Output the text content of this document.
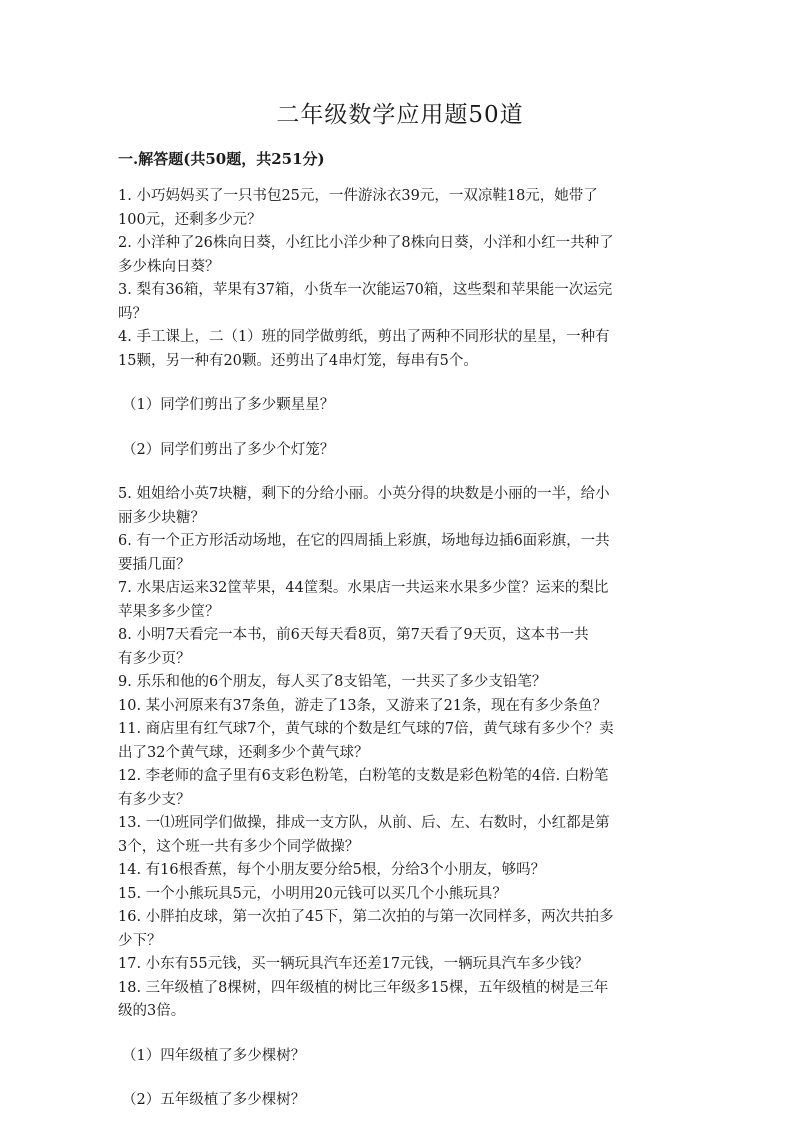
二年级数学应用题50道
一.解答题(共50题，共251分)
1. 小巧妈妈买了一只书包25元，一件游泳衣39元，一双凉鞋18元，她带了
100元，还剩多少元？
2. 小洋种了26株向日葵，小红比小洋少种了8株向日葵，小洋和小红一共种了
多少株向日葵？
3. 梨有36箱，苹果有37箱，小货车一次能运70箱，这些梨和苹果能一次运完
吗？
4. 手工课上，二（1）班的同学做剪纸，剪出了两种不同形状的星星，一种有
15颗，另一种有20颗。还剪出了4串灯笼，每串有5个。
（1）同学们剪出了多少颗星星？
（2）同学们剪出了多少个灯笼？
5. 姐姐给小英7块糖，剩下的分给小丽。小英分得的块数是小丽的一半，给小
丽多少块糖？
6. 有一个正方形活动场地，在它的四周插上彩旗，场地每边插6面彩旗，一共
要插几面？
7. 水果店运来32筐苹果，44筐梨。水果店一共运来水果多少筐？运来的梨比
苹果多多少筐？
8. 小明7天看完一本书，前6天每天看8页，第7天看了9天页，这本书一共
有多少页？
9. 乐乐和他的6个朋友，每人买了8支铅笔，一共买了多少支铅笔？
10. 某小河原来有37条鱼，游走了13条，又游来了21条，现在有多少条鱼？
11. 商店里有红气球7个，黄气球的个数是红气球的7倍，黄气球有多少个？卖
出了32个黄气球，还剩多少个黄气球？
12. 李老师的盒子里有6支彩色粉笔，白粉笔的支数是彩色粉笔的4倍. 白粉笔
有多少支？
13. 一⑴班同学们做操，排成一支方队，从前、后、左、右数时，小红都是第
3个，这个班一共有多少个同学做操？
14. 有16根香蕉，每个小朋友要分给5根，分给3个小朋友，够吗？
15. 一个小熊玩具5元，小明用20元钱可以买几个小熊玩具？
16. 小胖拍皮球，第一次拍了45下，第二次拍的与第一次同样多，两次共拍多
少下？
17. 小东有55元钱，买一辆玩具汽车还差17元钱，一辆玩具汽车多少钱？
18. 三年级植了8棵树，四年级植的树比三年级多15棵，五年级植的树是三年
级的3倍。
（1）四年级植了多少棵树？
（2）五年级植了多少棵树？
